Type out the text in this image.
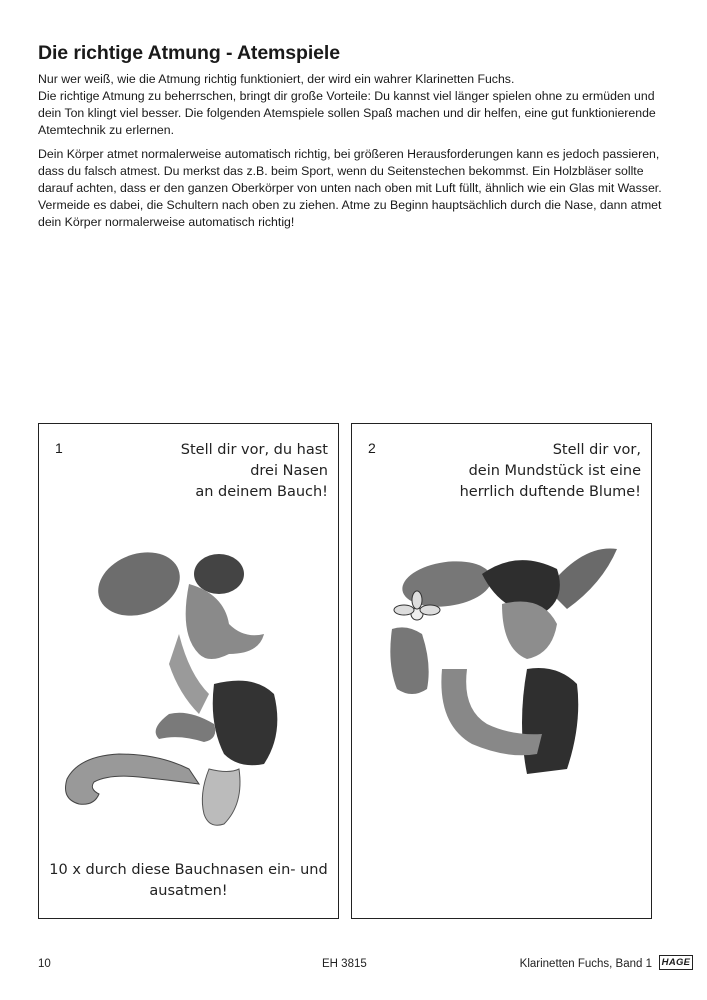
Die richtige Atmung - Atemspiele

Nur wer weiß, wie die Atmung richtig funktioniert, der wird ein wahrer Klarinetten Fuchs.
Die richtige Atmung zu beherrschen, bringt dir große Vorteile: Du kannst viel länger spielen ohne zu ermüden und dein Ton klingt viel besser. Die folgenden Atemspiele sollen Spaß machen und dir helfen, eine gut funktionierende Atemtechnik zu erlernen.

Dein Körper atmet normalerweise automatisch richtig, bei größeren Herausforderungen kann es jedoch passieren, dass du falsch atmest. Du merkst das z.B. beim Sport, wenn du Seitenstechen bekommst. Ein Holzbläser sollte darauf achten, dass er den ganzen Oberkörper von unten nach oben mit Luft füllt, ähnlich wie ein Glas mit Wasser. Vermeide es dabei, die Schultern nach oben zu ziehen. Atme zu Beginn hauptsächlich durch die Nase, dann atmet dein Körper normalerweise automatisch richtig!

1	Stell dir vor, du hast
drei Nasen
an deinem Bauch!
10 x durch diese Bauchnasen ein- und
ausatmen!
2	Stell dir vor,
dein Mundstück ist eine
herrlich duftende Blume!
10	EH 3815	Klarinetten Fuchs, Band 1 HAGE
